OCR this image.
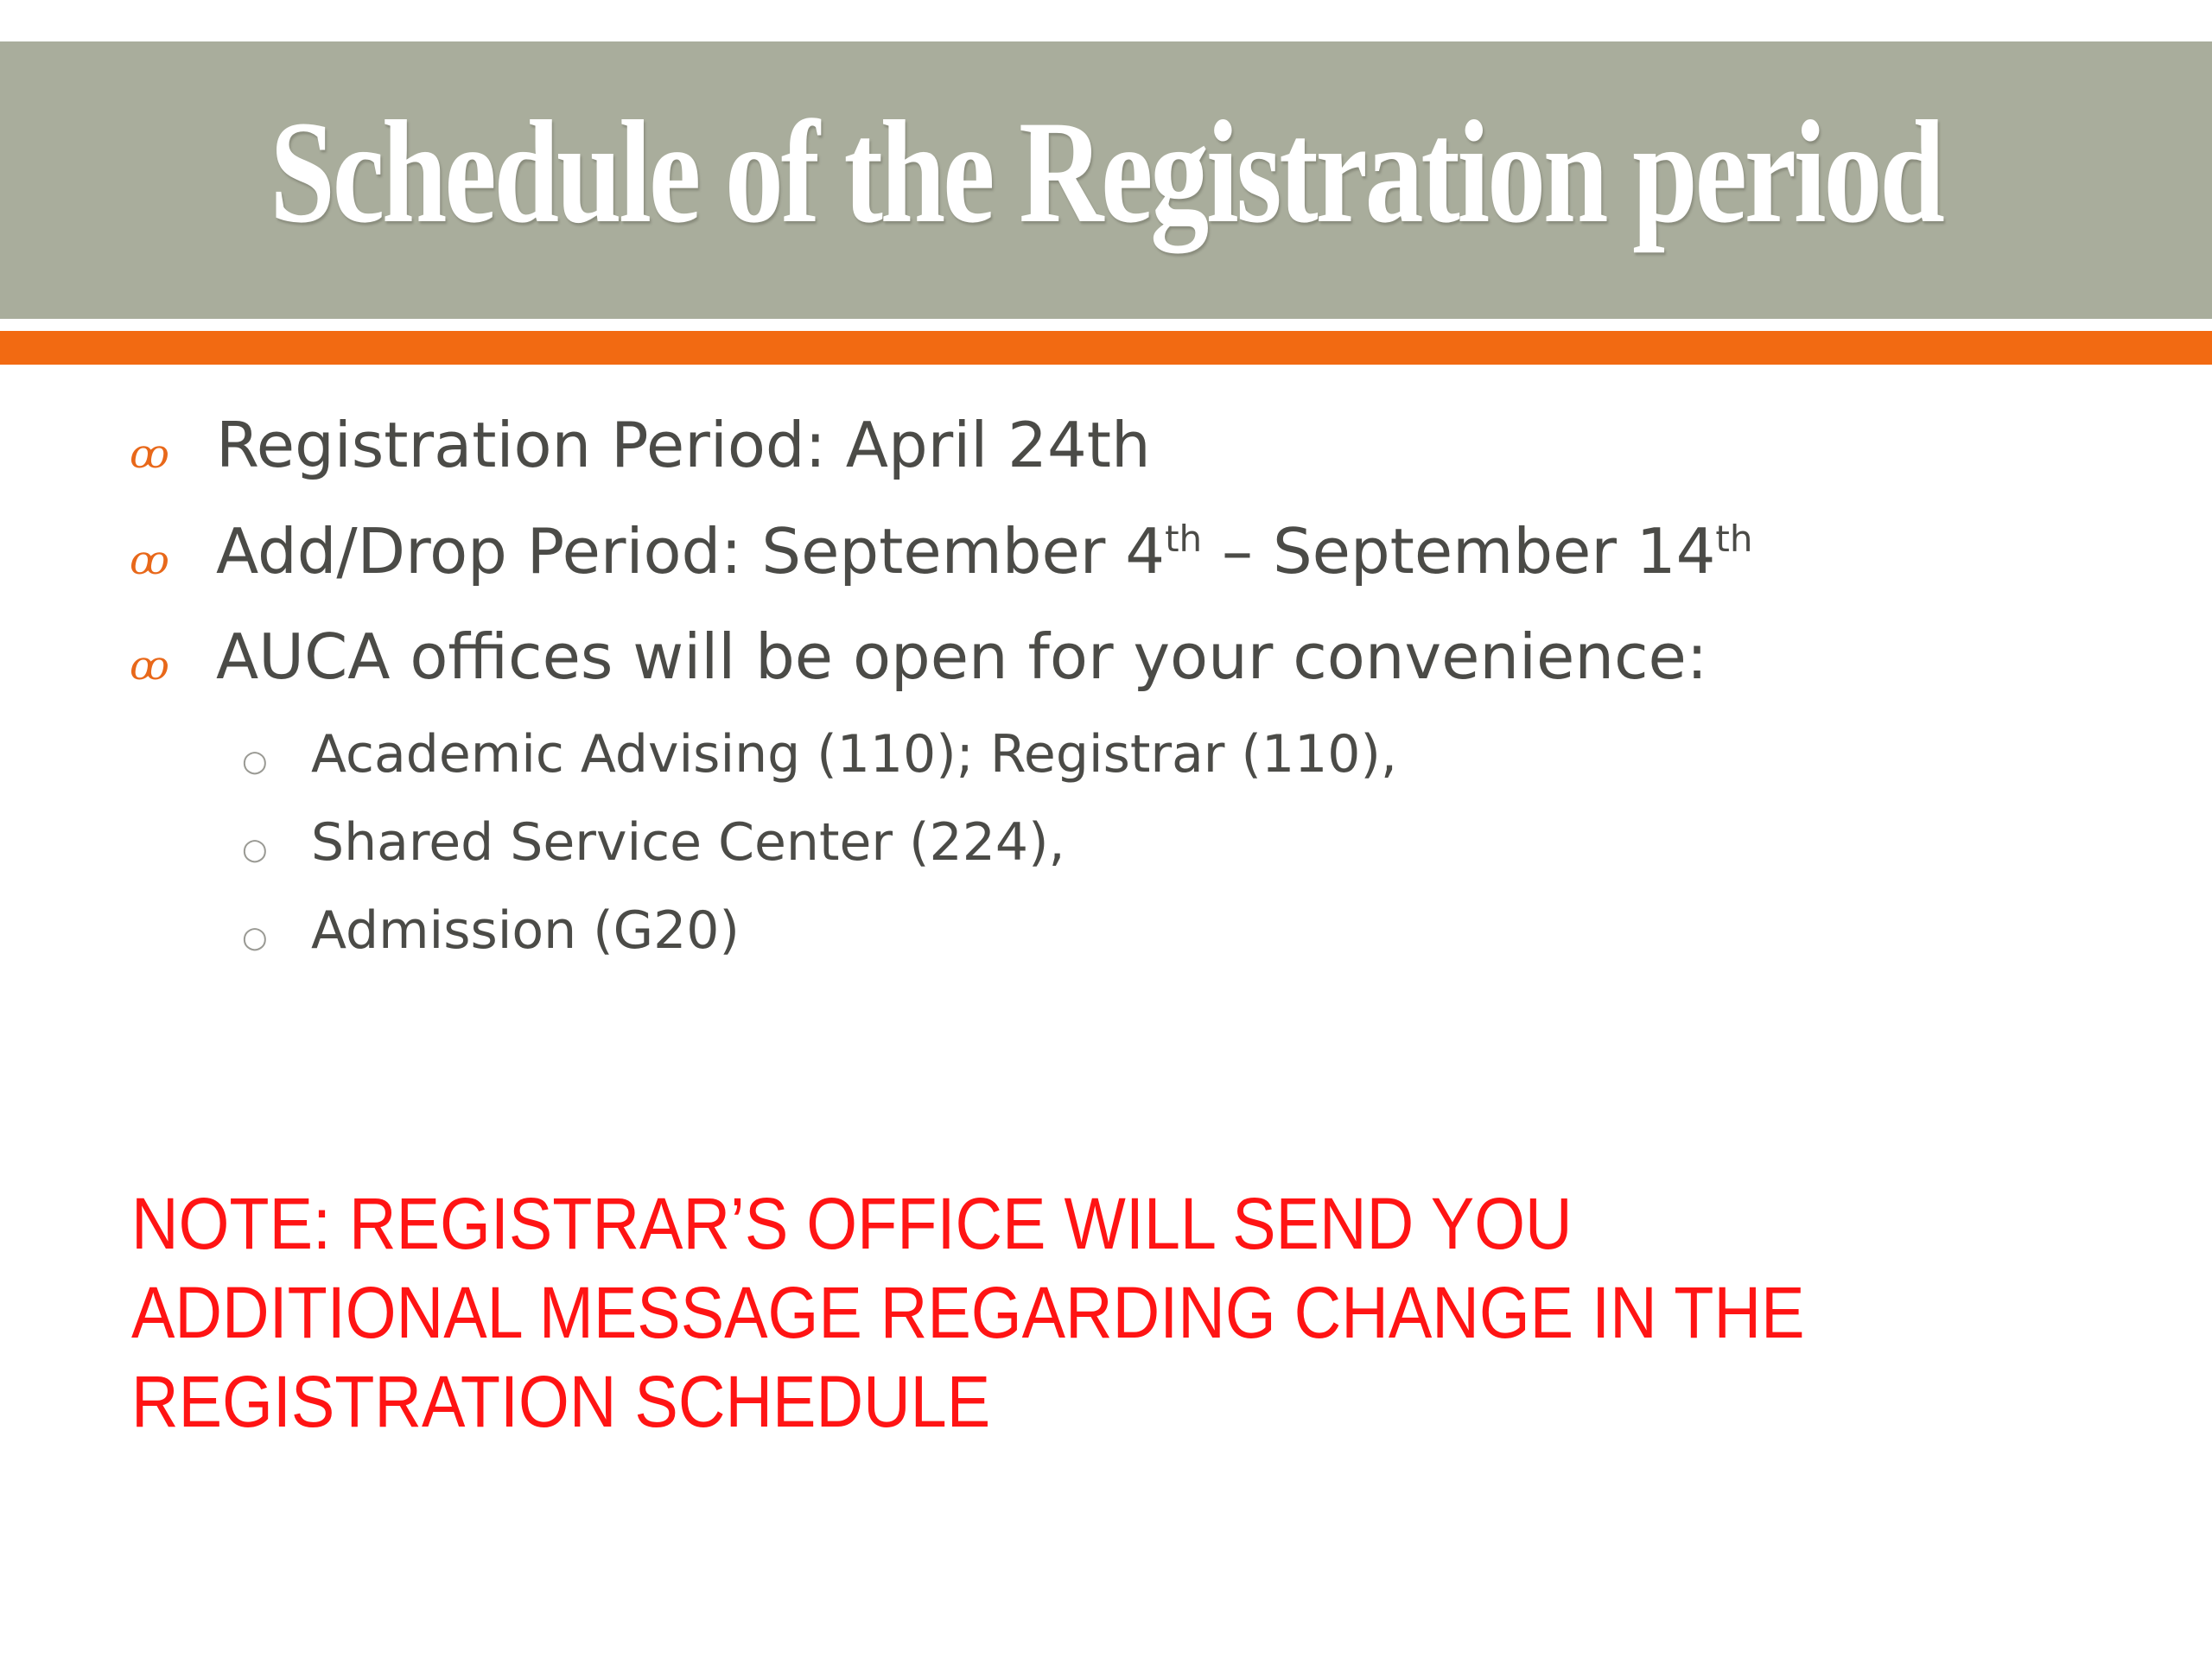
Schedule of the Registration period
ꝏ Registration Period: April 24th
ꝏ Add/Drop Period: September 4th – September 14th
ꝏ AUCA offices will be open for your convenience:
○ Academic Advising (110); Registrar (110),
○ Shared Service Center (224),
○ Admission (G20)
NOTE: REGISTRAR’S OFFICE WILL SEND YOU ADDITIONAL MESSAGE REGARDING CHANGE IN THE REGISTRATION SCHEDULE
